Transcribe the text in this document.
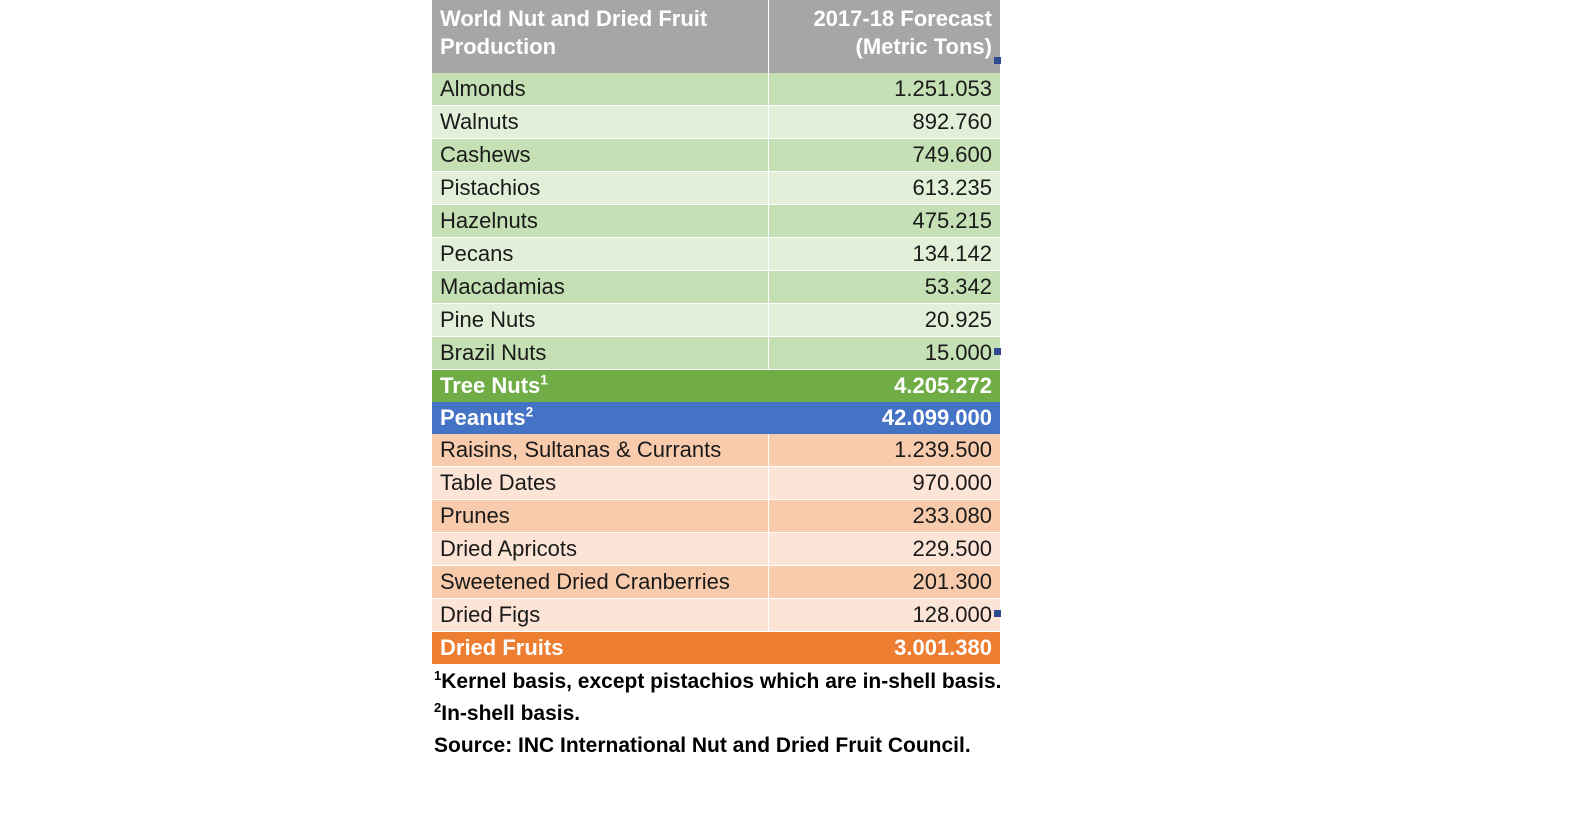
World Nut and Dried Fruit Production	2017-18 Forecast (Metric Tons)
Almonds	1.251.053
Walnuts	892.760
Cashews	749.600
Pistachios	613.235
Hazelnuts	475.215
Pecans	134.142
Macadamias	53.342
Pine Nuts	20.925
Brazil Nuts	15.000
Tree Nuts$^1$	4.205.272
Peanuts$^2$	42.099.000
Raisins, Sultanas & Currants	1.239.500
Table Dates	970.000
Prunes	233.080
Dried Apricots	229.500
Sweetened Dried Cranberries	201.300
Dried Figs	128.000
Dried Fruits	3.001.380
$^1$Kernel basis, except pistachios which are in-shell basis.
$^2$In-shell basis.
Source: INC International Nut and Dried Fruit Council.
